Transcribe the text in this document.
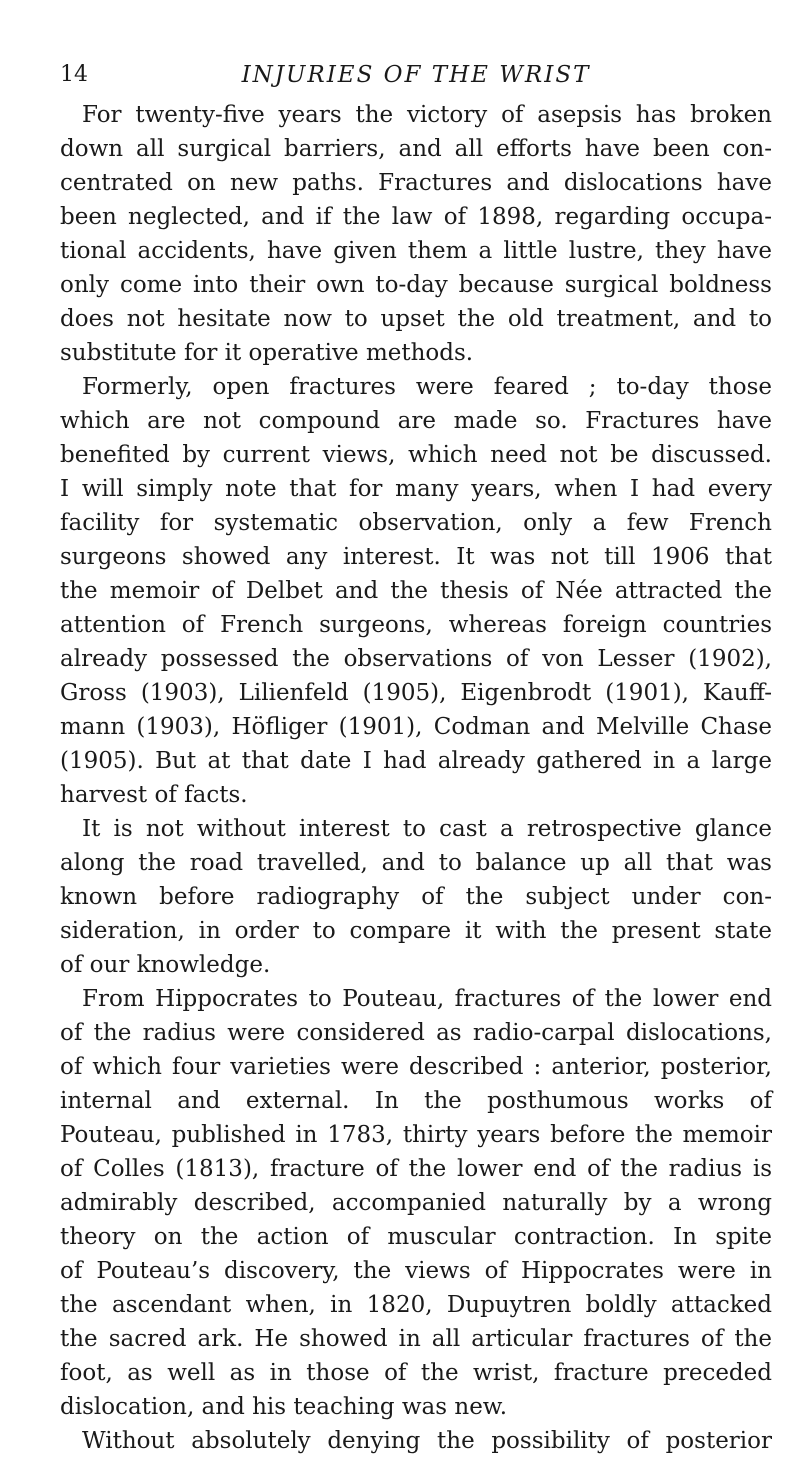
14	INJURIES OF THE WRIST
For twenty-five years the victory of asepsis has broken
down all surgical barriers, and all efforts have been con-
centrated on new paths. Fractures and dislocations have
been neglected, and if the law of 1898, regarding occupa-
tional accidents, have given them a little lustre, they have
only come into their own to-day because surgical boldness
does not hesitate now to upset the old treatment, and to
substitute for it operative methods.
Formerly, open fractures were feared ; to-day those
which are not compound are made so. Fractures have
benefited by current views, which need not be discussed.
I will simply note that for many years, when I had every
facility for systematic observation, only a few French
surgeons showed any interest. It was not till 1906 that
the memoir of Delbet and the thesis of Née attracted the
attention of French surgeons, whereas foreign countries
already possessed the observations of von Lesser (1902),
Gross (1903), Lilienfeld (1905), Eigenbrodt (1901), Kauff-
mann (1903), Höfliger (1901), Codman and Melville Chase
(1905). But at that date I had already gathered in a large
harvest of facts.
It is not without interest to cast a retrospective glance
along the road travelled, and to balance up all that was
known before radiography of the subject under con-
sideration, in order to compare it with the present state
of our knowledge.
From Hippocrates to Pouteau, fractures of the lower end
of the radius were considered as radio-carpal dislocations,
of which four varieties were described : anterior, posterior,
internal and external. In the posthumous works of
Pouteau, published in 1783, thirty years before the memoir
of Colles (1813), fracture of the lower end of the radius is
admirably described, accompanied naturally by a wrong
theory on the action of muscular contraction. In spite
of Pouteau’s discovery, the views of Hippocrates were in
the ascendant when, in 1820, Dupuytren boldly attacked
the sacred ark. He showed in all articular fractures of the
foot, as well as in those of the wrist, fracture preceded
dislocation, and his teaching was new.
Without absolutely denying the possibility of posterior
